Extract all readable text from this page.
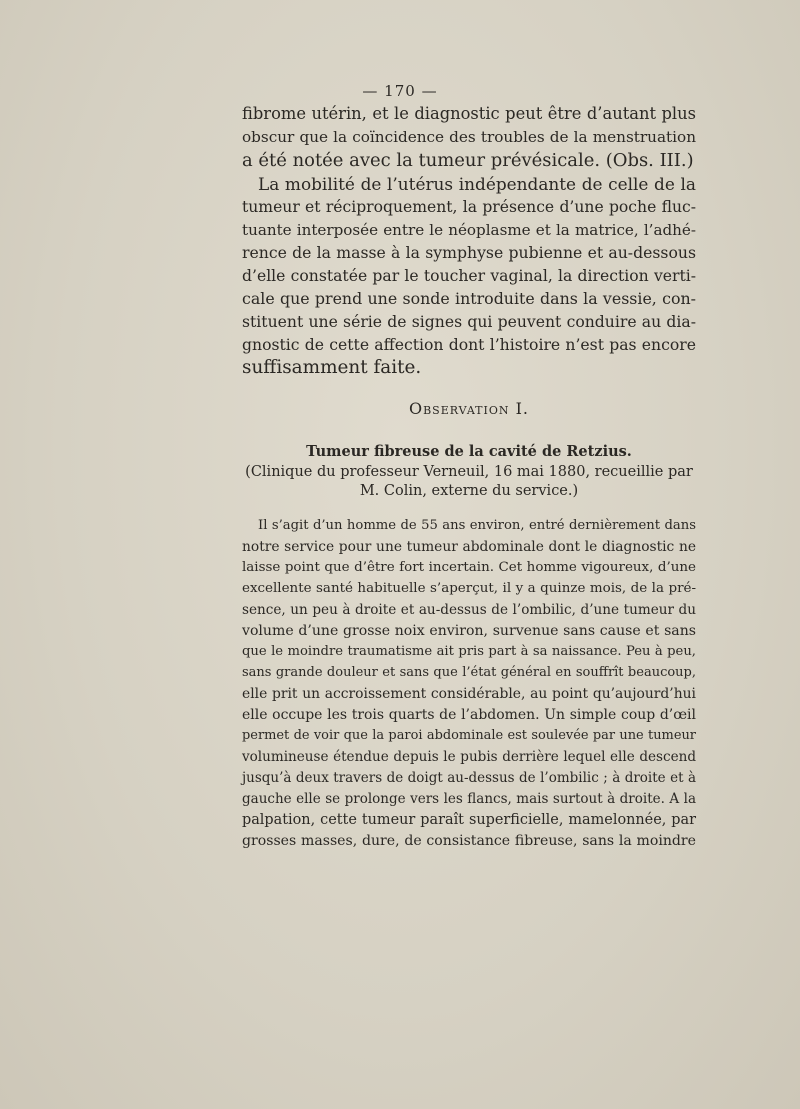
— 170 —
fibrome utérin, et le diagnostic peut être d’autant plus
obscur que la coïncidence des troubles de la menstruation
a été notée avec la tumeur prévésicale. (Obs. III.)
La mobilité de l’utérus indépendante de celle de la
tumeur et réciproquement, la présence d’une poche fluc-
tuante interposée entre le néoplasme et la matrice, l’adhé-
rence de la masse à la symphyse pubienne et au-dessous
d’elle constatée par le toucher vaginal, la direction verti-
cale que prend une sonde introduite dans la vessie, con-
stituent une série de signes qui peuvent conduire au dia-
gnostic de cette affection dont l’histoire n’est pas encore
suffisamment faite.
Observation I.
Tumeur fibreuse de la cavité de Retzius.
(Clinique du professeur Verneuil, 16 mai 1880, recueillie par
M. Colin, externe du service.)
Il s’agit d’un homme de 55 ans environ, entré dernièrement dans
notre service pour une tumeur abdominale dont le diagnostic ne
laisse point que d’être fort incertain. Cet homme vigoureux, d’une
excellente santé habituelle s’aperçut, il y a quinze mois, de la pré-
sence, un peu à droite et au-dessus de l’ombilic, d’une tumeur du
volume d’une grosse noix environ, survenue sans cause et sans
que le moindre traumatisme ait pris part à sa naissance. Peu à peu,
sans grande douleur et sans que l’état général en souffrît beaucoup,
elle prit un accroissement considérable, au point qu’aujourd’hui
elle occupe les trois quarts de l’abdomen. Un simple coup d’œil
permet de voir que la paroi abdominale est soulevée par une tumeur
volumineuse étendue depuis le pubis derrière lequel elle descend
jusqu’à deux travers de doigt au-dessus de l’ombilic ; à droite et à
gauche elle se prolonge vers les flancs, mais surtout à droite. A la
palpation, cette tumeur paraît superficielle, mamelonnée, par
grosses masses, dure, de consistance fibreuse, sans la moindre
